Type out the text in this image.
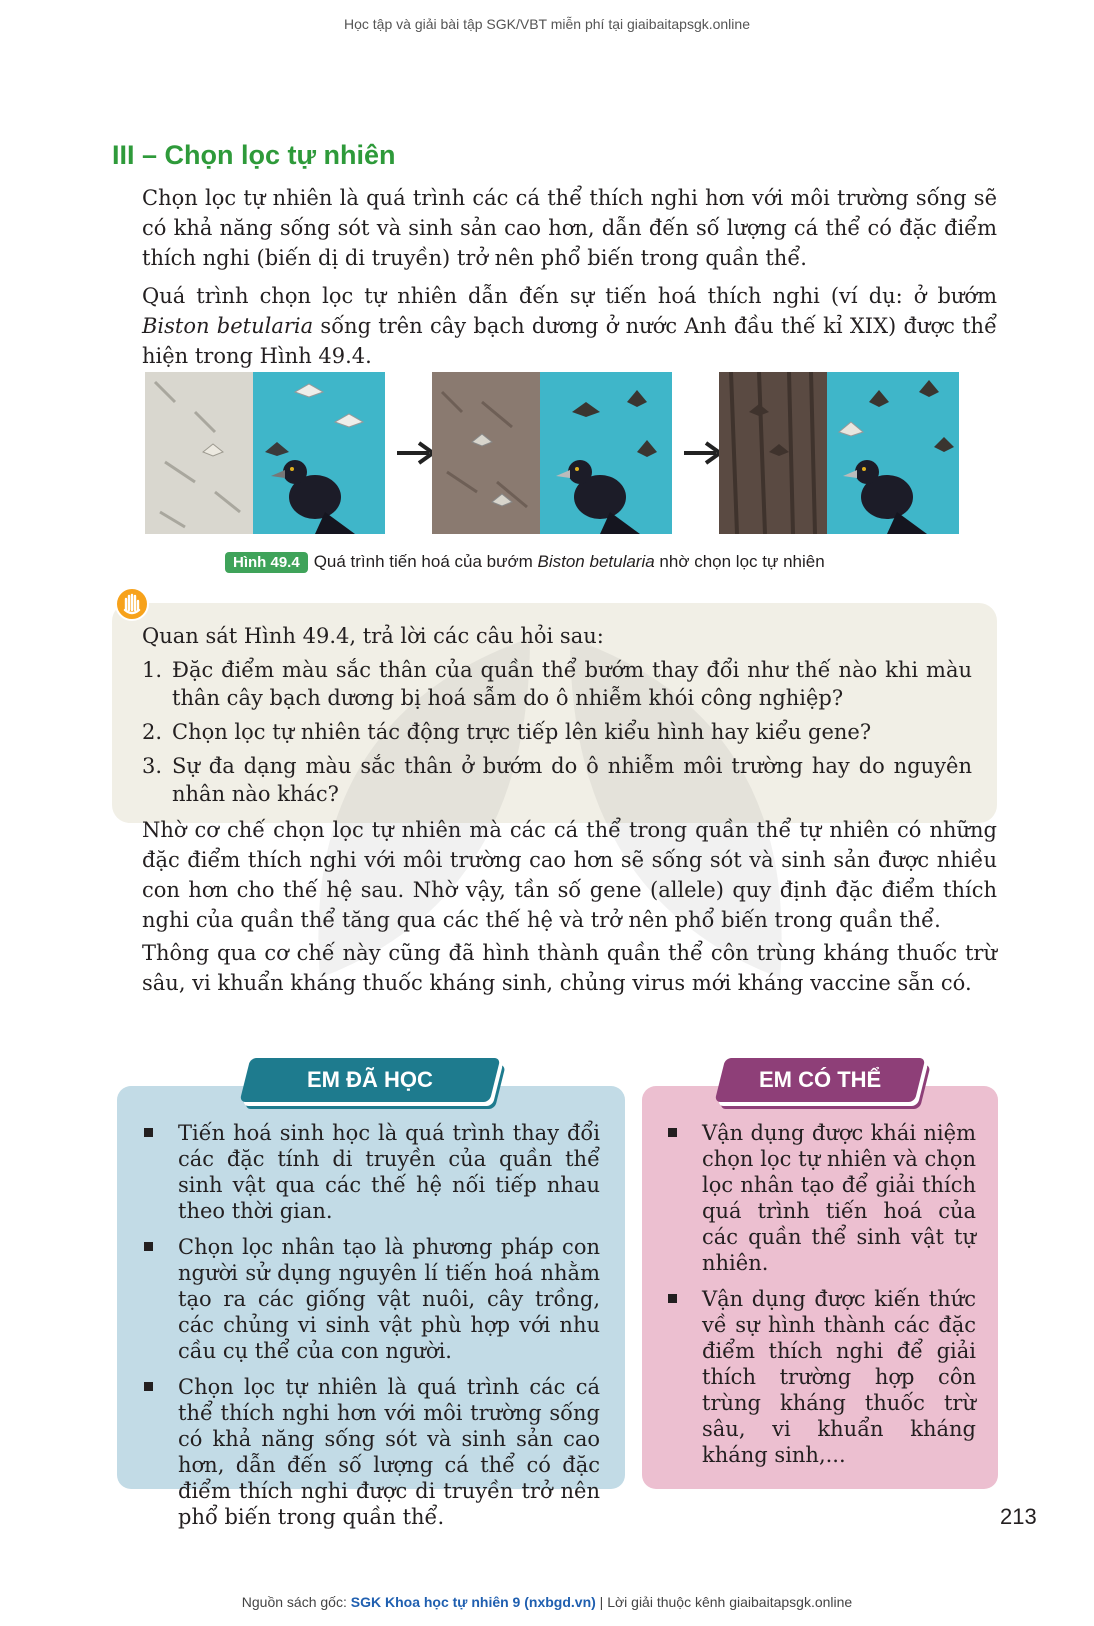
Học tập và giải bài tập SGK/VBT miễn phí tại giaibaitapsgk.online
III – Chọn lọc tự nhiên

Chọn lọc tự nhiên là quá trình các cá thể thích nghi hơn với môi trường sống sẽ có khả năng sống sót và sinh sản cao hơn, dẫn đến số lượng cá thể có đặc điểm thích nghi (biến dị di truyền) trở nên phổ biến trong quần thể.

Quá trình chọn lọc tự nhiên dẫn đến sự tiến hoá thích nghi (ví dụ: ở bướm Biston betularia sống trên cây bạch dương ở nước Anh đầu thế kỉ XIX) được thể hiện trong Hình 49.4.

Hình 49.4 Quá trình tiến hoá của bướm Biston betularia nhờ chọn lọc tự nhiên
Quan sát Hình 49.4, trả lời các câu hỏi sau:
1. Đặc điểm màu sắc thân của quần thể bướm thay đổi như thế nào khi màu thân cây bạch dương bị hoá sẫm do ô nhiễm khói công nghiệp?
2. Chọn lọc tự nhiên tác động trực tiếp lên kiểu hình hay kiểu gene?
3. Sự đa dạng màu sắc thân ở bướm do ô nhiễm môi trường hay do nguyên nhân nào khác?

Nhờ cơ chế chọn lọc tự nhiên mà các cá thể trong quần thể tự nhiên có những đặc điểm thích nghi với môi trường cao hơn sẽ sống sót và sinh sản được nhiều con hơn cho thế hệ sau. Nhờ vậy, tần số gene (allele) quy định đặc điểm thích nghi của quần thể tăng qua các thế hệ và trở nên phổ biến trong quần thể.

Thông qua cơ chế này cũng đã hình thành quần thể côn trùng kháng thuốc trừ sâu, vi khuẩn kháng thuốc kháng sinh, chủng virus mới kháng vaccine sẵn có.

EM ĐÃ HỌC	EM CÓ THỂ
Tiến hoá sinh học là quá trình thay đổi các đặc tính di truyền của quần thể sinh vật qua các thế hệ nối tiếp nhau theo thời gian.
Chọn lọc nhân tạo là phương pháp con người sử dụng nguyên lí tiến hoá nhằm tạo ra các giống vật nuôi, cây trồng, các chủng vi sinh vật phù hợp với nhu cầu cụ thể của con người.
Chọn lọc tự nhiên là quá trình các cá thể thích nghi hơn với môi trường sống có khả năng sống sót và sinh sản cao hơn, dẫn đến số lượng cá thể có đặc điểm thích nghi được di truyền trở nên phổ biến trong quần thể.
Vận dụng được khái niệm chọn lọc tự nhiên và chọn lọc nhân tạo để giải thích quá trình tiến hoá của các quần thể sinh vật tự nhiên.
Vận dụng được kiến thức về sự hình thành các đặc điểm thích nghi để giải thích trường hợp côn trùng kháng thuốc trừ sâu, vi khuẩn kháng kháng sinh,...
213
Nguồn sách gốc: SGK Khoa học tự nhiên 9 (nxbgd.vn) | Lời giải thuộc kênh giaibaitapsgk.online
